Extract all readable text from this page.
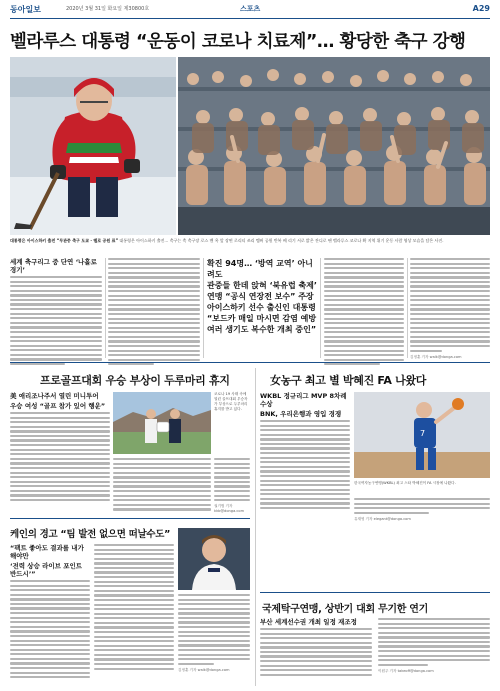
동아일보	2020년 3월 31일 화요일 제30800호	스포츠	A29
벨라루스 대통령 “운동이 코로나 치료제”… 황당한 축구 강행
대통령은 아이스하키 출전 “무관중 축구 도쿄 · 벨로 공원 표” 대통령은 아이스하키 출전… 축구는 축 축구장 로스 벤 옥 앞 장면 로리티 쓰리 멤버 공원 반복 베 리기 서로 밝은 잔디로 팬 벨라루스 코로나 확 지역 위기 운동 사람 영상 모습을 담은 사진.
세계 축구리그 중 단연 ‘나홀로 경기’
확진 94명… ‘방역 교역’ 아니려도
관중들 한데 앉혀 ‘북유럽 축제’
연맹 “공식 연장전 보수” 주장
아이스하키 선수 출신인 대통령
“보드카 매일 마시면 감염 예방
여러 생기도 복수한 개최 중인”
김정훈 기자 walk@donga.com
프로골프대회 우승 부상이 두루마리 휴지
美 애리조나주서 열린 미니투어
우승 여성 “골프 참가 있어 행운”
코로나 19 사태 속에 열린 골프대회 우승자가 부상으로 두루마리 휴지를 받고 있다.
권기범 기자 kkb@donga.com
女농구 최고 별 박혜진 FA 나왔다
WKBL 정규리그 MVP 8차례 수상
BNK, 우리은행과 영입 경쟁
7
한국여자농구연맹(WKBL) 최고 스타 박혜진이 FA 시장에 나왔다.
유재영 기자 elegant@donga.com
케인의 경고 “팀 발전 없으면 떠날수도”
“팩트 좋아도 결과를 내가 해야만
‘전력 상승 라이브 포인트 반드시’”
김정훈 기자 walk@donga.com
국제탁구연맹, 상반기 대회 무기한 연기
부산 세계선수권 개최 일정 재조정
이원주 기자 takeoff@donga.com
